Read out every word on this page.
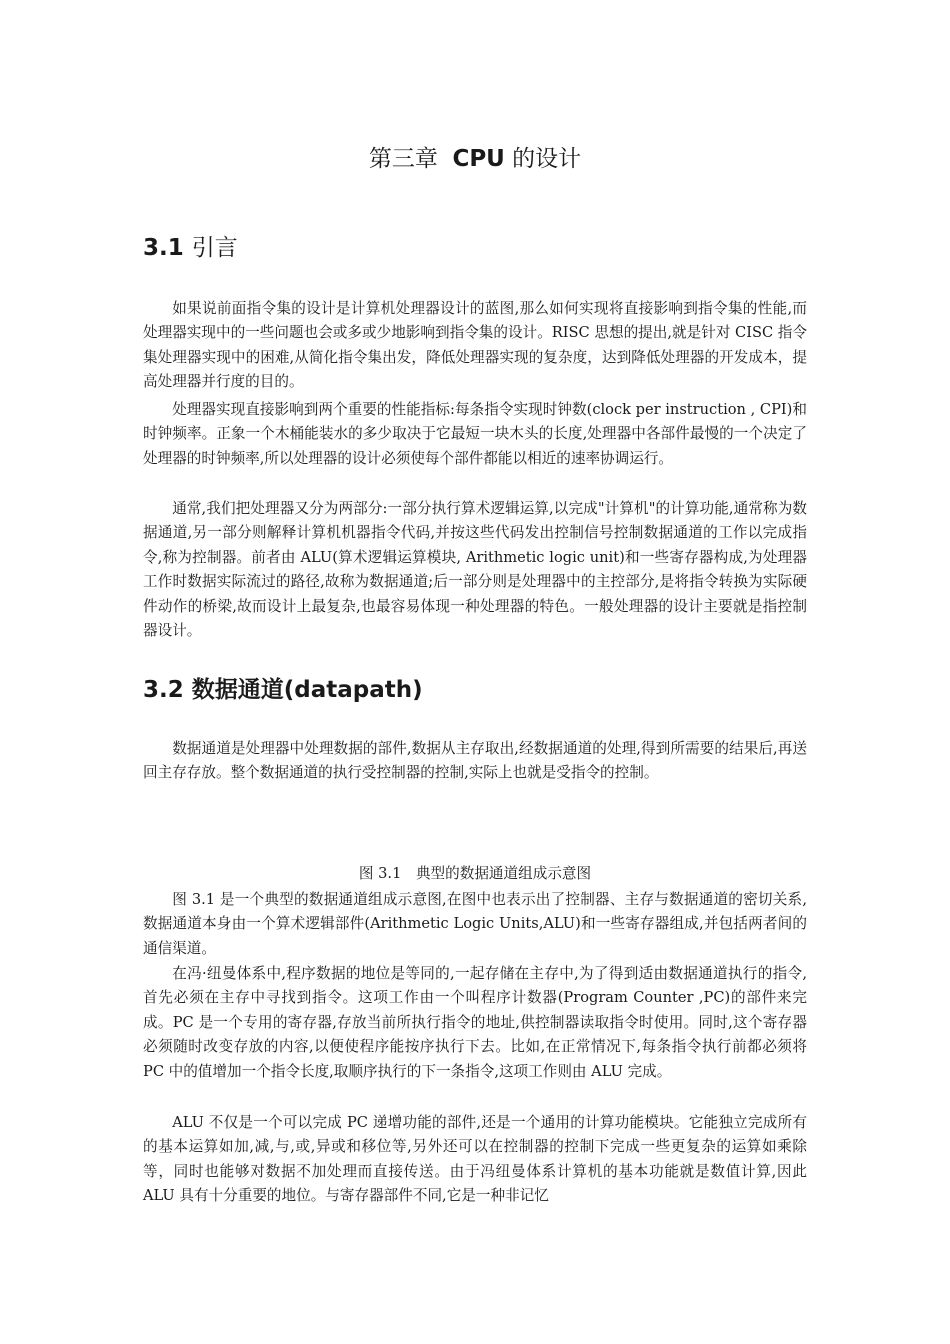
第三章 CPU 的设计
3.1 引言

如果说前面指令集的设计是计算机处理器设计的蓝图,那么如何实现将直接影响到指令集的性能,而处理器实现中的一些问题也会或多或少地影响到指令集的设计。RISC 思想的提出,就是针对 CISC 指令集处理器实现中的困难,从简化指令集出发，降低处理器实现的复杂度，达到降低处理器的开发成本，提高处理器并行度的目的。

处理器实现直接影响到两个重要的性能指标:每条指令实现时钟数(clock per instruction , CPI)和时钟频率。正象一个木桶能装水的多少取决于它最短一块木头的长度,处理器中各部件最慢的一个决定了处理器的时钟频率,所以处理器的设计必须使每个部件都能以相近的速率协调运行。

通常,我们把处理器又分为两部分:一部分执行算术逻辑运算,以完成"计算机"的计算功能,通常称为数据通道,另一部分则解释计算机机器指令代码,并按这些代码发出控制信号控制数据通道的工作以完成指令,称为控制器。前者由 ALU(算术逻辑运算模块, Arithmetic logic unit)和一些寄存器构成,为处理器工作时数据实际流过的路径,故称为数据通道;后一部分则是处理器中的主控部分,是将指令转换为实际硬件动作的桥梁,故而设计上最复杂,也最容易体现一种处理器的特色。一般处理器的设计主要就是指控制器设计。

3.2 数据通道(datapath)

数据通道是处理器中处理数据的部件,数据从主存取出,经数据通道的处理,得到所需要的结果后,再送回主存存放。整个数据通道的执行受控制器的控制,实际上也就是受指令的控制。

图 3.1　典型的数据通道组成示意图

图 3.1 是一个典型的数据通道组成示意图,在图中也表示出了控制器、主存与数据通道的密切关系,数据通道本身由一个算术逻辑部件(Arithmetic Logic Units,ALU)和一些寄存器组成,并包括两者间的通信渠道。

在冯·纽曼体系中,程序数据的地位是等同的,一起存储在主存中,为了得到适由数据通道执行的指令,首先必须在主存中寻找到指令。这项工作由一个叫程序计数器(Program Counter ,PC)的部件来完成。PC 是一个专用的寄存器,存放当前所执行指令的地址,供控制器读取指令时使用。同时,这个寄存器必须随时改变存放的内容,以便使程序能按序执行下去。比如,在正常情况下,每条指令执行前都必须将 PC 中的值增加一个指令长度,取顺序执行的下一条指令,这项工作则由 ALU 完成。

ALU 不仅是一个可以完成 PC 递增功能的部件,还是一个通用的计算功能模块。它能独立完成所有的基本运算如加,减,与,或,异或和移位等,另外还可以在控制器的控制下完成一些更复杂的运算如乘除等，同时也能够对数据不加处理而直接传送。由于冯纽曼体系计算机的基本功能就是数值计算,因此 ALU 具有十分重要的地位。与寄存器部件不同,它是一种非记忆
